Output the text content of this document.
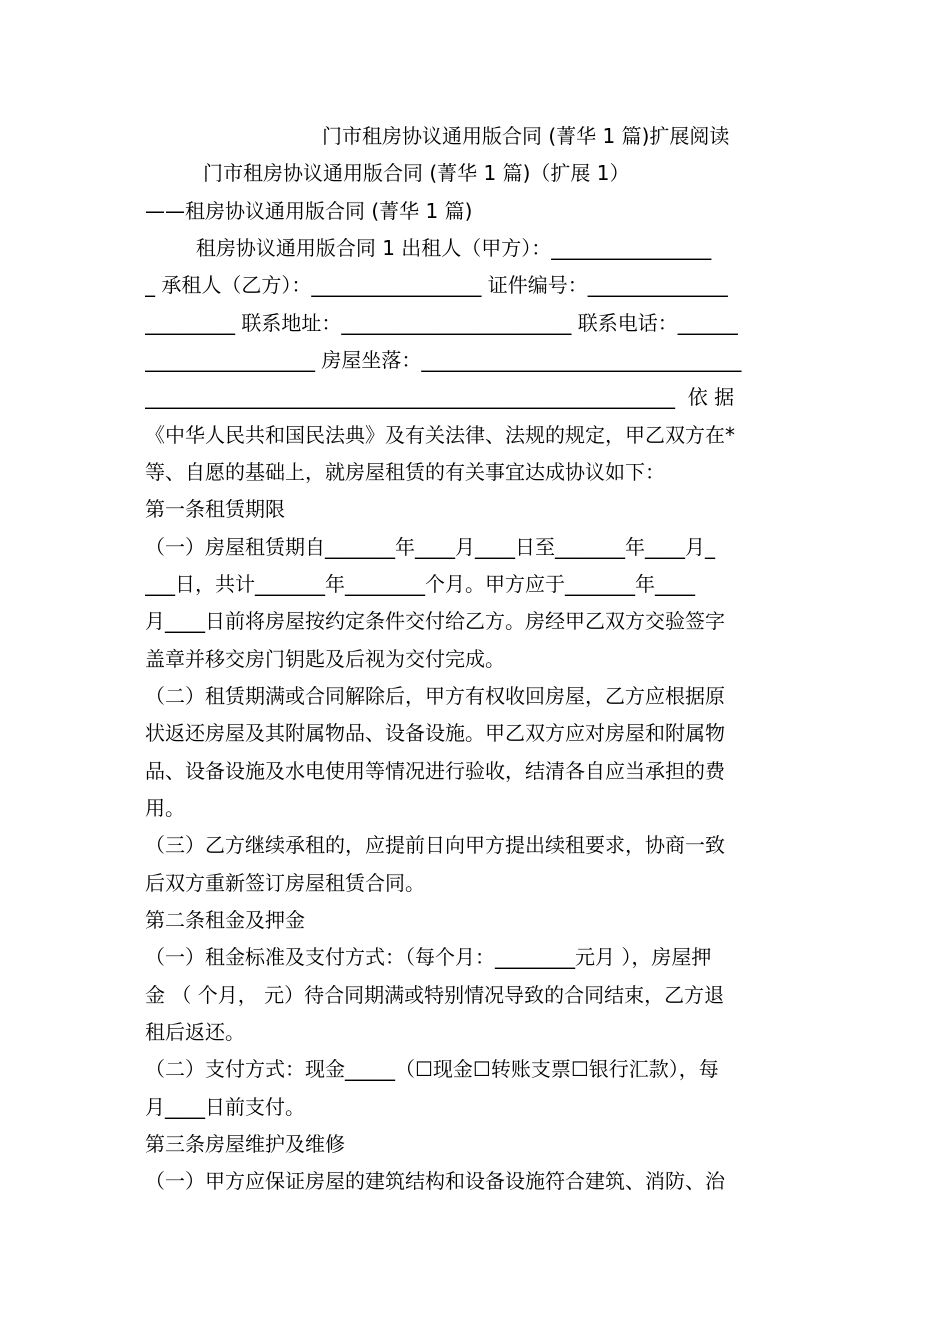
门市租房协议通用版合同 (菁华 1 篇)扩展阅读
门市租房协议通用版合同 (菁华 1 篇)（扩展 1）
——租房协议通用版合同 (菁华 1 篇)
租房协议通用版合同 1 出租人（甲方）：________________
_ 承租人（乙方）：_________________ 证件编号：______________
_________ 联系地址：_______________________ 联系电话：______
_________________ 房屋坐落：________________________________
_____________________________________________________  依 据
《中华人民共和国民法典》及有关法律、法规的规定，甲乙双方在*
等、自愿的基础上，就房屋租赁的有关事宜达成协议如下：
第一条租赁期限
（一）房屋租赁期自_______年____月____日至_______年____月_
___日，共计_______年________个月。甲方应于_______年____
月____日前将房屋按约定条件交付给乙方。房经甲乙双方交验签字
盖章并移交房门钥匙及后视为交付完成。
（二）租赁期满或合同解除后，甲方有权收回房屋，乙方应根据原
状返还房屋及其附属物品、设备设施。甲乙双方应对房屋和附属物
品、设备设施及水电使用等情况进行验收，结清各自应当承担的费
用。
（三）乙方继续承租的，应提前日向甲方提出续租要求，协商一致
后双方重新签订房屋租赁合同。
第二条租金及押金
（一）租金标准及支付方式：（每个月：________元月 ），房屋押
金 （ 个月， 元）待合同期满或特别情况导致的合同结束，乙方退
租后返还。
（二）支付方式：现金_____（☐现金☐转账支票☐银行汇款），每
月____日前支付。
第三条房屋维护及维修
（一）甲方应保证房屋的建筑结构和设备设施符合建筑、消防、治
